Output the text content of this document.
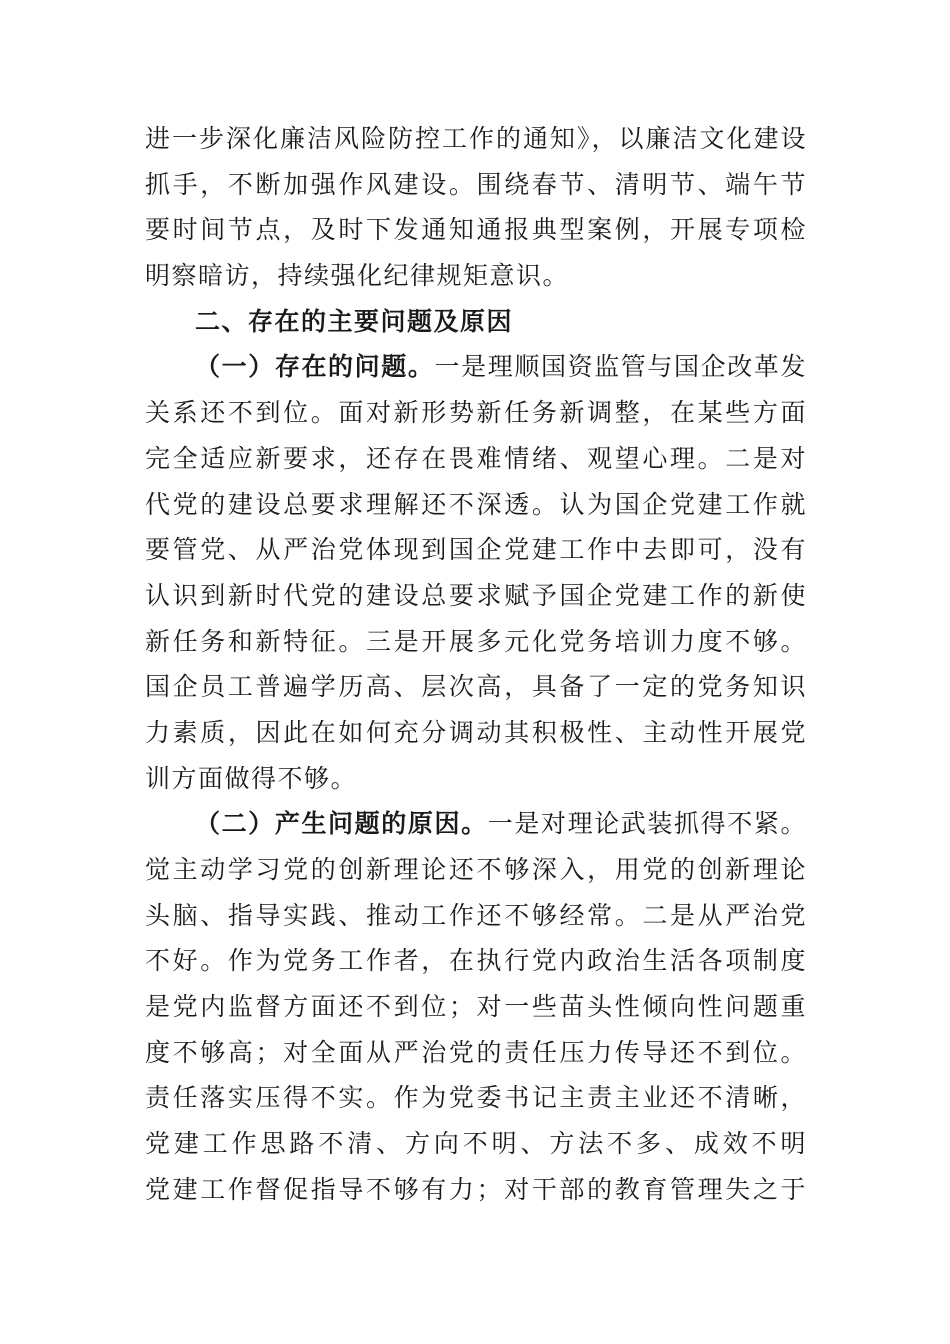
进一步深化廉洁风险防控工作的通知》，以廉洁文化建设
抓手，不断加强作风建设。围绕春节、清明节、端午节
要时间节点，及时下发通知通报典型案例，开展专项检
明察暗访，持续强化纪律规矩意识。
二、存在的主要问题及原因
（一）存在的问题。一是理顺国资监管与国企改革发
关系还不到位。面对新形势新任务新调整，在某些方面
完全适应新要求，还存在畏难情绪、观望心理。二是对
代党的建设总要求理解还不深透。认为国企党建工作就
要管党、从严治党体现到国企党建工作中去即可，没有
认识到新时代党的建设总要求赋予国企党建工作的新使
新任务和新特征。三是开展多元化党务培训力度不够。
国企员工普遍学历高、层次高，具备了一定的党务知识
力素质，因此在如何充分调动其积极性、主动性开展党
训方面做得不够。
（二）产生问题的原因。一是对理论武装抓得不紧。
觉主动学习党的创新理论还不够深入，用党的创新理论
头脑、指导实践、推动工作还不够经常。二是从严治党
不好。作为党务工作者，在执行党内政治生活各项制度
是党内监督方面还不到位；对一些苗头性倾向性问题重
度不够高；对全面从严治党的责任压力传导还不到位。
责任落实压得不实。作为党委书记主责主业还不清晰，
党建工作思路不清、方向不明、方法不多、成效不明
党建工作督促指导不够有力；对干部的教育管理失之于
